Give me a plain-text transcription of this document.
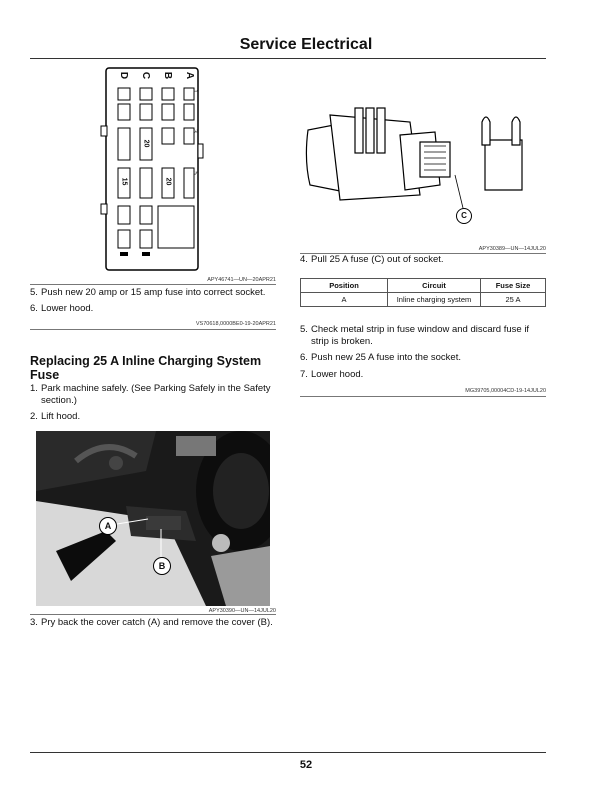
Service Electrical
D C B A
1
3
5
20
15	20
APY46741—UN—20APR21
5. Push new 20 amp or 15 amp fuse into correct socket.
6. Lower hood.
VS70618,0000BE0-19-20APR21
Replacing 25 A Inline Charging System Fuse
1. Park machine safely. (See Parking Safely in the Safety section.)
2. Lift hood.
A
B
APY30390—UN—14JUL20
3. Pry back the cover catch (A) and remove the cover (B).
C
APY30389—UN—14JUL20
4. Pull 25 A fuse (C) out of socket.
Position	Circuit	Fuse Size
A	Inline charging system	25 A
5. Check metal strip in fuse window and discard fuse if strip is broken.
6. Push new 25 A fuse into the socket.
7. Lower hood.
MG39705,00004CD-19-14JUL20
52
